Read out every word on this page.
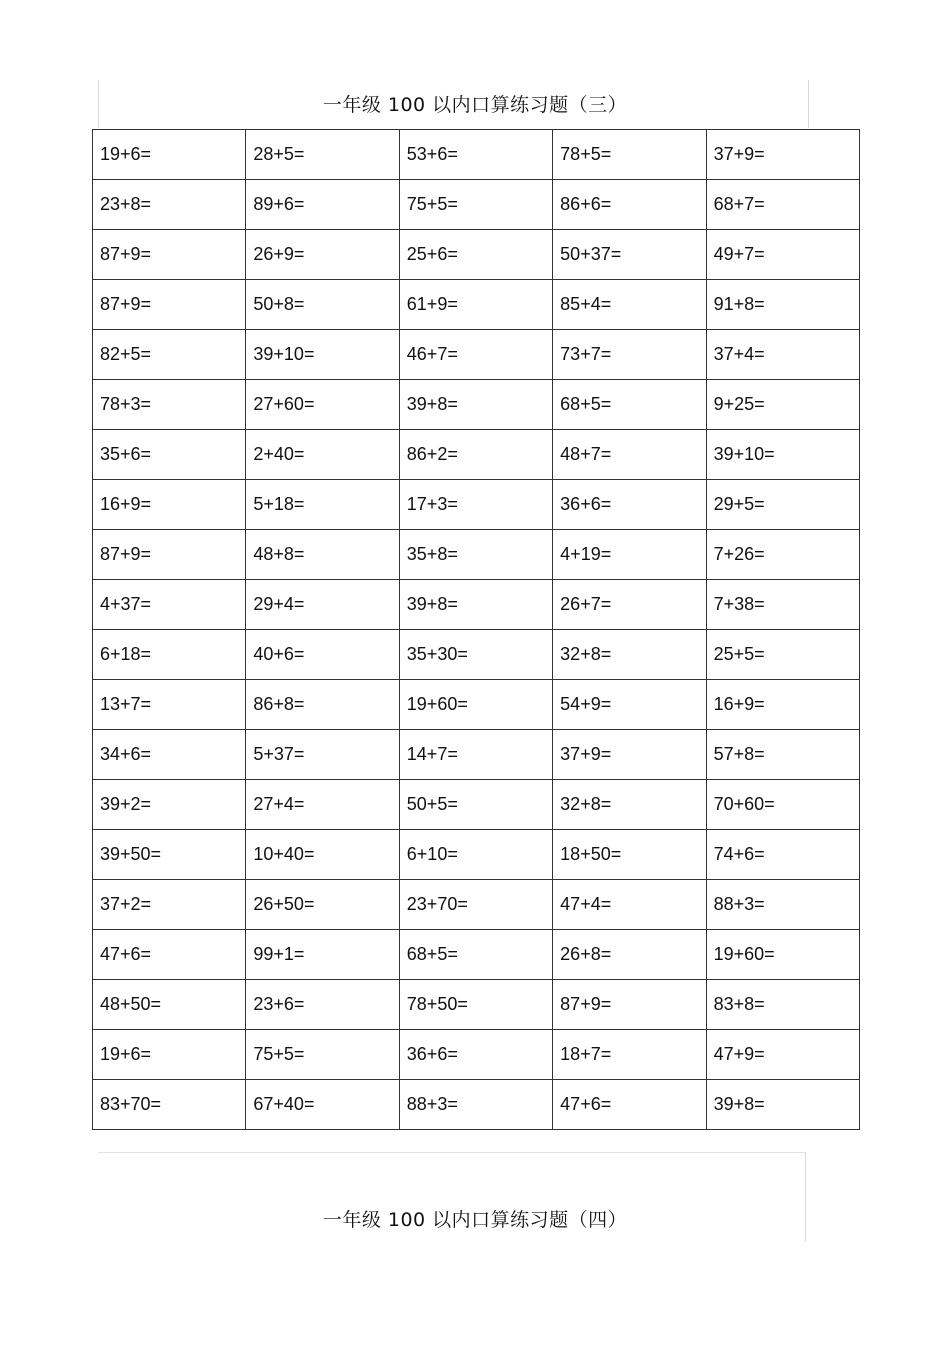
一年级 100 以内口算练习题（三）
19+6=	28+5=	53+6=	78+5=	37+9=
23+8=	89+6=	75+5=	86+6=	68+7=
87+9=	26+9=	25+6=	50+37=	49+7=
87+9=	50+8=	61+9=	85+4=	91+8=
82+5=	39+10=	46+7=	73+7=	37+4=
78+3=	27+60=	39+8=	68+5=	9+25=
35+6=	2+40=	86+2=	48+7=	39+10=
16+9=	5+18=	17+3=	36+6=	29+5=
87+9=	48+8=	35+8=	4+19=	7+26=
4+37=	29+4=	39+8=	26+7=	7+38=
6+18=	40+6=	35+30=	32+8=	25+5=
13+7=	86+8=	19+60=	54+9=	16+9=
34+6=	5+37=	14+7=	37+9=	57+8=
39+2=	27+4=	50+5=	32+8=	70+60=
39+50=	10+40=	6+10=	18+50=	74+6=
37+2=	26+50=	23+70=	47+4=	88+3=
47+6=	99+1=	68+5=	26+8=	19+60=
48+50=	23+6=	78+50=	87+9=	83+8=
19+6=	75+5=	36+6=	18+7=	47+9=
83+70=	67+40=	88+3=	47+6=	39+8=
一年级 100 以内口算练习题（四）
